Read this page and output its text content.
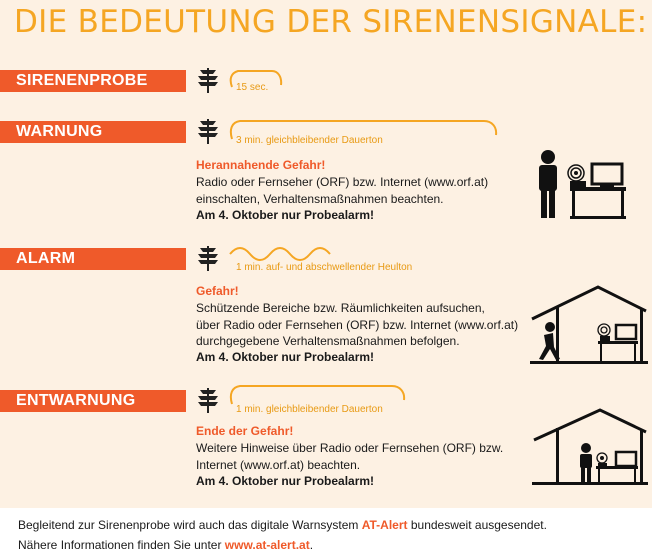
DIE BEDEUTUNG DER SIRENENSIGNALE:
SIRENENPROBE	15 sec.
WARNUNG
3 min. gleichbleibender Dauerton
Herannahende Gefahr!
Radio oder Fernseher (ORF) bzw. Internet (www.orf.at)
einschalten, Verhaltensmaßnahmen beachten.
Am 4. Oktober nur Probealarm!
ALARM
1 min. auf- und abschwellender Heulton
Gefahr!
Schützende Bereiche bzw. Räumlichkeiten aufsuchen,
über Radio oder Fernsehen (ORF) bzw. Internet (www.orf.at)
durchgegebene Verhaltensmaßnahmen befolgen.
Am 4. Oktober nur Probealarm!
ENTWARNUNG
1 min. gleichbleibender Dauerton
Ende der Gefahr!
Weitere Hinweise über Radio oder Fernsehen (ORF) bzw.
Internet (www.orf.at) beachten.
Am 4. Oktober nur Probealarm!
Begleitend zur Sirenenprobe wird auch das digitale Warnsystem AT-Alert bundesweit ausgesendet.
Nähere Informationen finden Sie unter www.at-alert.at.
